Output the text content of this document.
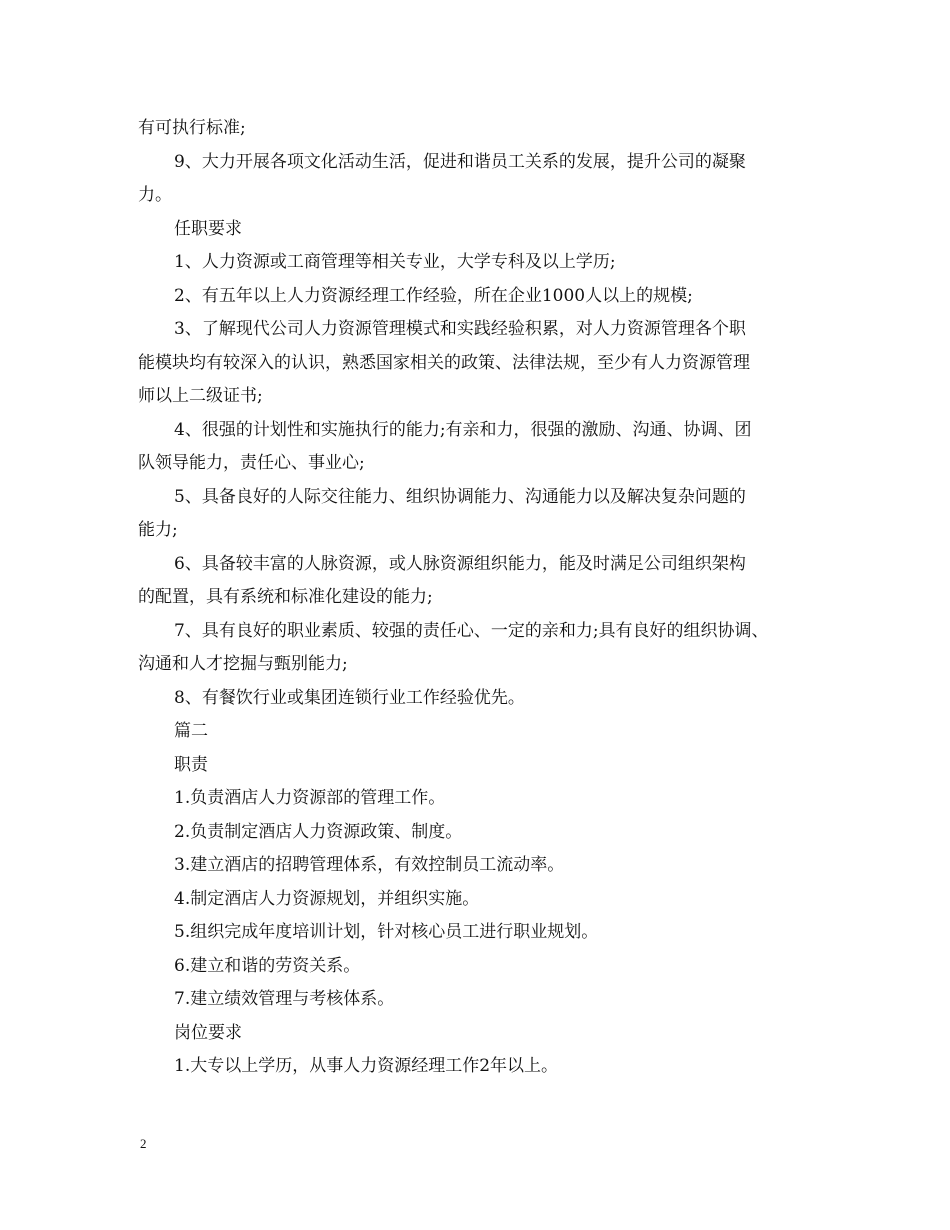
有可执行标准;
9、大力开展各项文化活动生活，促进和谐员工关系的发展，提升公司的凝聚
力。
任职要求
1、人力资源或工商管理等相关专业，大学专科及以上学历;
2、有五年以上人力资源经理工作经验，所在企业1000人以上的规模;
3、了解现代公司人力资源管理模式和实践经验积累，对人力资源管理各个职
能模块均有较深入的认识，熟悉国家相关的政策、法律法规，至少有人力资源管理
师以上二级证书;
4、很强的计划性和实施执行的能力;有亲和力，很强的激励、沟通、协调、团
队领导能力，责任心、事业心;
5、具备良好的人际交往能力、组织协调能力、沟通能力以及解决复杂问题的
能力;
6、具备较丰富的人脉资源，或人脉资源组织能力，能及时满足公司组织架构
的配置，具有系统和标准化建设的能力;
7、具有良好的职业素质、较强的责任心、一定的亲和力;具有良好的组织协调、
沟通和人才挖掘与甄别能力;
8、有餐饮行业或集团连锁行业工作经验优先。
篇二
职责
1.负责酒店人力资源部的管理工作。
2.负责制定酒店人力资源政策、制度。
3.建立酒店的招聘管理体系，有效控制员工流动率。
4.制定酒店人力资源规划，并组织实施。
5.组织完成年度培训计划，针对核心员工进行职业规划。
6.建立和谐的劳资关系。
7.建立绩效管理与考核体系。
岗位要求
1.大专以上学历，从事人力资源经理工作2年以上。
2
